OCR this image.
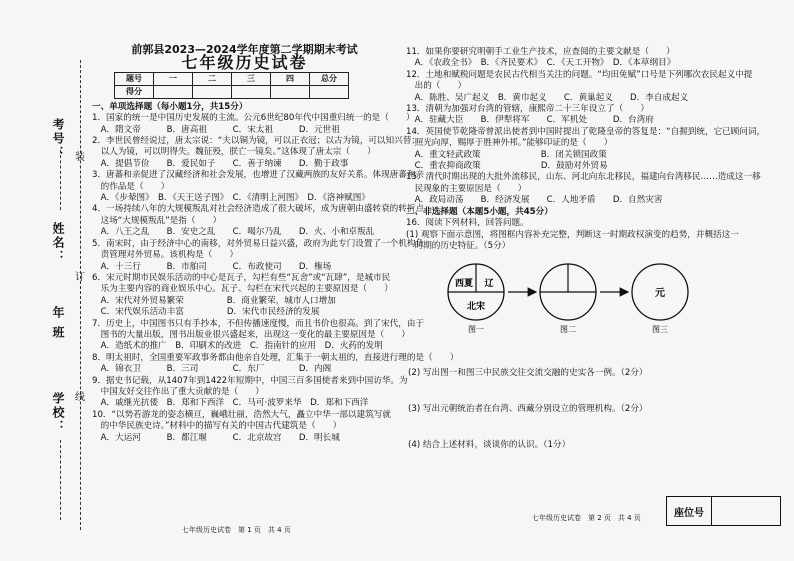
考号：
姓名：
年 班
学校：
装
订
线
前郭县2023—2024学年度第二学期期末考试
七年级历史试卷
题号	一	二	三	四	总分
得分					
一、单项选择题（每小题1分，共15分）
1．国家的统一是中国历史发展的主流。公元6世纪80年代中国重归统一的是（　　）
　A．隋文帝　　　B．唐高祖　　　C．宋太祖　　　D．元世祖
2．李世民曾经说过，唐太宗说：“夫以铜为镜，可以正衣冠；以古为镜，可以知兴替；
　以人为镜，可以明得失。魏征殁，朕亡一镜矣。”这体现了唐太宗（　　）
　A．提倡节俭　　B．爱民如子　　C．善于纳谏　　D．勤于政事
3．唐蕃和亲促进了汉藏经济和社会发展，也增进了汉藏两族的友好关系。体现唐蕃和亲
　的作品是（　　）
　A．《步辇图》　B．《天王送子图》　C．《清明上河图》　D．《洛神赋图》
4．一场持续八年的大规模叛乱对社会经济造成了很大破坏，成为唐朝由盛转衰的转折点。
　这场“大规模叛乱”是指（　　）
　A．八王之乱　　B．安史之乱　　C．喝尔乃乱　　D．火、小和卓叛乱
5．南宋时，由于经济中心的南移，对外贸易日益兴盛，政府为此专门设置了一个机构负
　责管理对外贸易。该机构是（　　）
　A．十三行　　　B．市舶司　　　C．布政使司　　D．権场
6．宋元时期市民娱乐活动的中心是瓦子，勾栏有些“瓦舍”或“瓦肆”，是城市民
　乐为主要内容的商业娱乐中心。瓦子、勾栏在宋代兴起的主要原因是（　　）
　A．宋代对外贸易繁荣　　　　　B．商业繁荣，城市人口增加
　C．宋代娱乐活动丰富　　　　　D．宋代市民经济的发展
7．历史上，中国图书只有手抄本，不但传播速度慢，而且书价也很高。到了宋代，由于
　图书的大量出版，图书出版业很兴盛起来，出现这一变化的最主要原因是（　　）
　A．造纸术的推广　B．印刷术的改进　C．指南针的应用　D．火药的发明
8．明太祖时，全国重要军政事务都由他亲自处理，汇集于一朝太祖的，直接进行理的是（　　）
　A．锦衣卫　　　B．三司　　　　C．东厂　　　　D．内阁
9．据史书记载，从1407年到1422年短期中，中国三百多国使者来到中国访华。为
　中国友好交往作出了重大贡献的是（　　）
　A．戚继光抗倭　B．郑和下西洋　C．马可·波罗来华　D．郑和下西洋
10．“以势若游龙的姿态横亘，巍峨壮丽，浩然大气，矗立中华一部以建筑写就
　的中华民族史诗。”材料中的描写有关的中国古代建筑是（　　）
　A．大运河　　　B．都江堰　　　C．北京故宫　　D．明长城
七年级历史试卷　第 1 页　共 4 页
11．如果你要研究明朝手工业生产技术，应查阅的主要文献是（　　）
　A．《农政全书》　B．《齐民要术》　C．《天工开物》　D．《本草纲目》
12．土地和赋税问题是农民古代相当关注的问题。“均田免赋”口号是下列哪次农民起义中提
　出的（　　）
　A．陈胜、吴广起义　B．黄巾起义　　C．黄巢起义　　D．李自成起义
13．清朝为加强对台湾的管辖，康熙帝二十三年设立了（　　）
　A．驻藏大臣　　B．伊犁将军　　C．军机处　　　D．台湾府
14．英国使节乾隆帝曾派出使者到中国时提出了乾隆皇帝的答复是：“自握到统，它已顾问词，
　照光向厚，赐厚于胜神外邦。”能够印证的是（　　）
　A．重文轻武政策　　　　　　　B．闭关锁国政策
　C．重农抑商政策　　　　　　　D．鼓励对外贸易
15．清代时期出现的大批外流移民，山东、河北向东北移民，福建向台湾移民……造成这一移
　民现象的主要原因是（　　）
　A．政局动荡　　B．经济发展　　C．人地矛盾　　D．自然灾害
二、非选择题（本题5小题，共45分）
16．阅读下列材料，回答问题。
(1) 观察下面示意图，将图框内容补充完整，判断这一时期政权演变的趋势，并概括这一
　时期的历史特征。（5分）
西夏 辽
北宋
元
图一	图二	图三
(2) 写出图一和图三中民族交往交流交融的史实各一例。（2分）
(3) 写出元朝统治者在台湾、西藏分别设立的管理机构。（2分）
(4) 结合上述材料，谈谈你的认识。（1分）
七年级历史试卷　第 2 页　共 4 页	座位号
